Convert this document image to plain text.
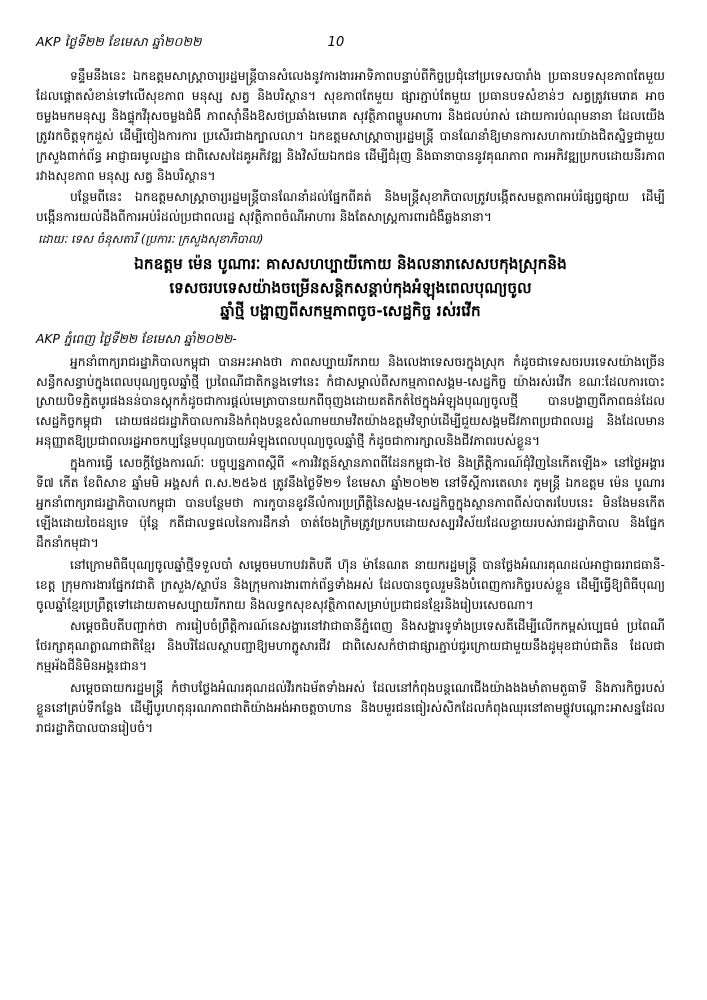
AKP ថ្ងៃទី២២ ខែមេសា ឆ្នាំ២០២២	10

ទន្ទឹមនឹងនេះ ឯកឧត្តមសាស្ត្រាចារ្យរដ្ឋមន្ត្រីបានសំលេងនូវការងារអាទិភាពបន្ទាប់ពីកិច្ចប្រជុំនៅប្រទេសបារាំង ប្រធានបទសុខភាពតែមួយ ដែលផ្តោតសំខាន់ទៅលើសុខភាព មនុស្ស សត្វ និងបរិស្ថាន។ សុខភាពតែមួយ ផ្សារភ្ជាប់តែមួយ ប្រធានបទសំខាន់ៗ សត្វត្រូវមេរោគ អាចចម្លងមកមនុស្ស និងផ្ទុកវីរុសចម្លងជំងឺ ភាពស៊ាំនឹងឱសថប្រឆាំងមេរោគ សុវត្ថិភាពម្ហូបអាហារ និងជលប់រាស់ ដោយការប់ណុមនានា ដែលយើងត្រូវរកចិត្តទុកដួស់ ដើម្បីចៀងការការ ប្រសើរជាងក្បាលលា។ ឯកឧត្តមសាស្ត្រាចារ្យរដ្ឋមន្ត្រី បានណែនាំឱ្យមានការសហការយ៉ាងជិតស្និទ្ធជាមួយ ក្រសួងពាក់ព័ន្ធ អាជ្ញាធរមូលដ្ឋាន ជាពិសេសដៃគូអភិវឌ្ឍ និងវិស័យឯកជន ដើម្បីជំរុញ និងធានាបាននូវគុណភាព ការអភិវឌ្ឍប្រកបដោយនីរភាព រវាងសុខភាព មនុស្ស សត្វ និងបរិស្ថាន។

បន្ថែមពីនេះ ឯកឧត្តមសាស្ត្រាចារ្យរដ្ឋមន្ត្រីបានណែនាំដល់ផ្នែកពីគត់ និងមន្ត្រីសុខាភិបាលត្រូវបង្កើតសមត្ថភាពអប់រំផ្សព្វផ្សាយ ដើម្បីបង្កើនការយល់ដឹងពីការអប់រំដល់ប្រជាពលរដ្ឋ សុវត្ថិភាពចំណីអាហារ និងតែសាស្ត្រការពារជំងឺឆ្លងនានា។

ដោយៈ ទេស ចំនុសតារី (ប្រការៈ ក្រសួងសុខាភិបាល)
ឯកឧត្តម ម៉េន បូណារៈ គាសសហប្បាយីកោយ និងលនារាសេសបកុងស្រុកនិង
ទេសចរបទេសយ៉ាងចម្រើនសន្តិកសន្តាប់កុងអំឡុងពេលបុណ្យចូល
ឆ្នាំថ្មី បង្ហាញពីសកម្មភាពចូច-សេដ្ឋកិច្ច រស់រវើក
AKP ភ្នំពេញ ថ្ងៃទី២២ ខែមេសា ឆ្នាំ២០២២-

អ្នកនាំពាក្យរាជរដ្ឋាភិបាលកម្ពុជា បានអះអាងថា ភាពសប្បាយរីករាយ និងលេងាទេសចរក្នុងស្រុក កំដូចជាទេសចរបរទេសយ៉ាងច្រើនសន្ធឹកសន្ធាប់ក្នុងពេលបុណ្យចូលឆ្នាំថ្មី ប្រពៃណីជាតិកន្លងទៅនេះ កំជាសម្គាល់ពីសកម្មភាពសង្គម-សេដ្ឋកិច្ច យ៉ាងរស់រវើក ខណៈដែលការបោះស្រាយបិទភ្ជិតបូរផងនន់បានស្តុកកំដូចជាការផ្តល់មេត្រាបានយកពីចុញងដោយតតិកតំថៃក្នុងអំឡុងបុណ្យចូលថ្មី បានបង្ហាញពីភាពធន់ដែលសេដ្ឋកិច្ចកម្ពុជា ដោយផដជរដ្ឋាភិបាលការនិងកំពុងបន្តឧសំណាមយាមវិតយ៉ាងឧត្តមវិទ្យាប់ដើម្បីជួយសង្គមជីវភាពប្រជាពលរដ្ឋ និងដែលមានអនុញ្ញាតឱ្យប្រជាពលរដ្ឋអាចកប្បន្ថែមបុណ្យបាយអំឡុងពេលបុណ្យចូលឆ្នាំថ្មី កំដូចជាការក្សាលនិងជីវភាពរបស់ខ្លួន។

ក្នុងការធ្វើ សេចក្តីថ្លែងការណ៍ៈ បច្ចុប្បន្នភាពស្តីពី «ការវិវត្តន៍ស្ថានភាពពីដែនកម្ពុជា-ថៃ និងត្រីត្តិការណ៍ជុំវិញនៃកើតឡើង» នៅថ្ងៃអង្គារ ទី៧ កើត ខែពិសាខ ឆ្នាំមមិ អង្គសក៌ ព.ស.២៥៦៥ ត្រូវនឹងថ្ងៃទី២១ ខែមេសា ឆ្នាំ២០២២ នៅទីស្តីការតេលា៖ ភូមន្ត្រី ឯកឧត្តម ម៉េន បូណារ អ្នកនាំពាក្យរាជរដ្ឋាភិបាលកម្ពុជា បានបន្ថែមថា ការកូបានឧូវនីលំការប្រព្រឹត្តិនៃសង្គម-សេដ្ឋកិច្ចក្នុងស្ថានភាពពីស់បាតរបែបនេះ មិនងែមនកើតឡើងដោយចៃដន្យទេ ប៉ុន្តែ កតីជាលទ្ធផលនៃការដឹកនាំ ចាត់ចែងក្រិមត្រូវប្រកបដោយសស្បរវិស័យដែលខ្លាយរបស់រាជរដ្ឋាភិបាល និងផ្នែកដឹកនាំកមុជា។

នៅក្រោមពិធីបុណ្យចូលឆ្នាំថ្មីទទួលបាំ សម្តេចមហាបវរតិបតី ហ៊ុន ម៉ានែណត នាយករដ្ឋមន្ត្រី បានថ្លែងអំណរគុណដល់អាជ្ញាធររាជធានី-ខេត្ត ក្រុមការងារផ្នែកវជាតិ ក្រសួង/ស្ថាប័ន និងក្រុមការងារពាក់ព័ន្ធទាំងអស់ ដែលបានចូលរួមនិងបំពេញការកិច្ចរបស់ខ្លួន ដើម្បីធ្វើឱ្យពិធីបុណ្យចូលឆ្នាំខ្មែរប្រព្រឹត្តទៅដោយតាមសប្បាយរីករាយ និងលទ្ធកសុខសុវត្ថិភាពសម្រាប់ប្រជាជនខ្មែរនិងរៀបរសេចណា។

សម្តេចធិបតីបញ្ជាក់ថា ការរៀបចំព្រឹត្តិការណ៍នេសង្ហារនៅវាជាធានីភ្នំពេញ និងសង្ហារទូទាំងប្រទេសតីដើម្បីលើកកម្ពស់ប្បេធម៌ ប្រពៃណី ថែរក្សាគុណត្លាណាជាតិខ្មែរ និងបរិដែលស្ថាបញ្ជាឱ្យមហាភ្នូសារជីវ ជាពិសេសកំថាជាផ្សារភ្ជាប់ជូរក្រោយជាមួយនឹងដូមុខជាប់ជាតិន ដែលជាកម្មអ័ងជីនិមិនអង្គ៖ជាន។

សម្តេចធាយករដ្ឋមន្ត្រី កំថាបថ្លែងអំណរគុណដល់វីរកឯម័តទាំងអស់ ដែលនៅកំពុងបន្តណេជើងយ៉ាងងងមាំតាមតួធាទី និងភារកិច្ចរបស់ខ្លួននៅគ្រប់ទីកន្លែង ដើម្បីបូរហតុនុរណភាពជាតិយ៉ាងអង់អាចត្តចាហាន និងបមួរជនធៀរស់សិកដែលកំពុងឈុរនៅតាមផ្លូវបណ្តោះអាសន្នដែលរាជរដ្ឋាភិបាលបានរៀបចំ។
